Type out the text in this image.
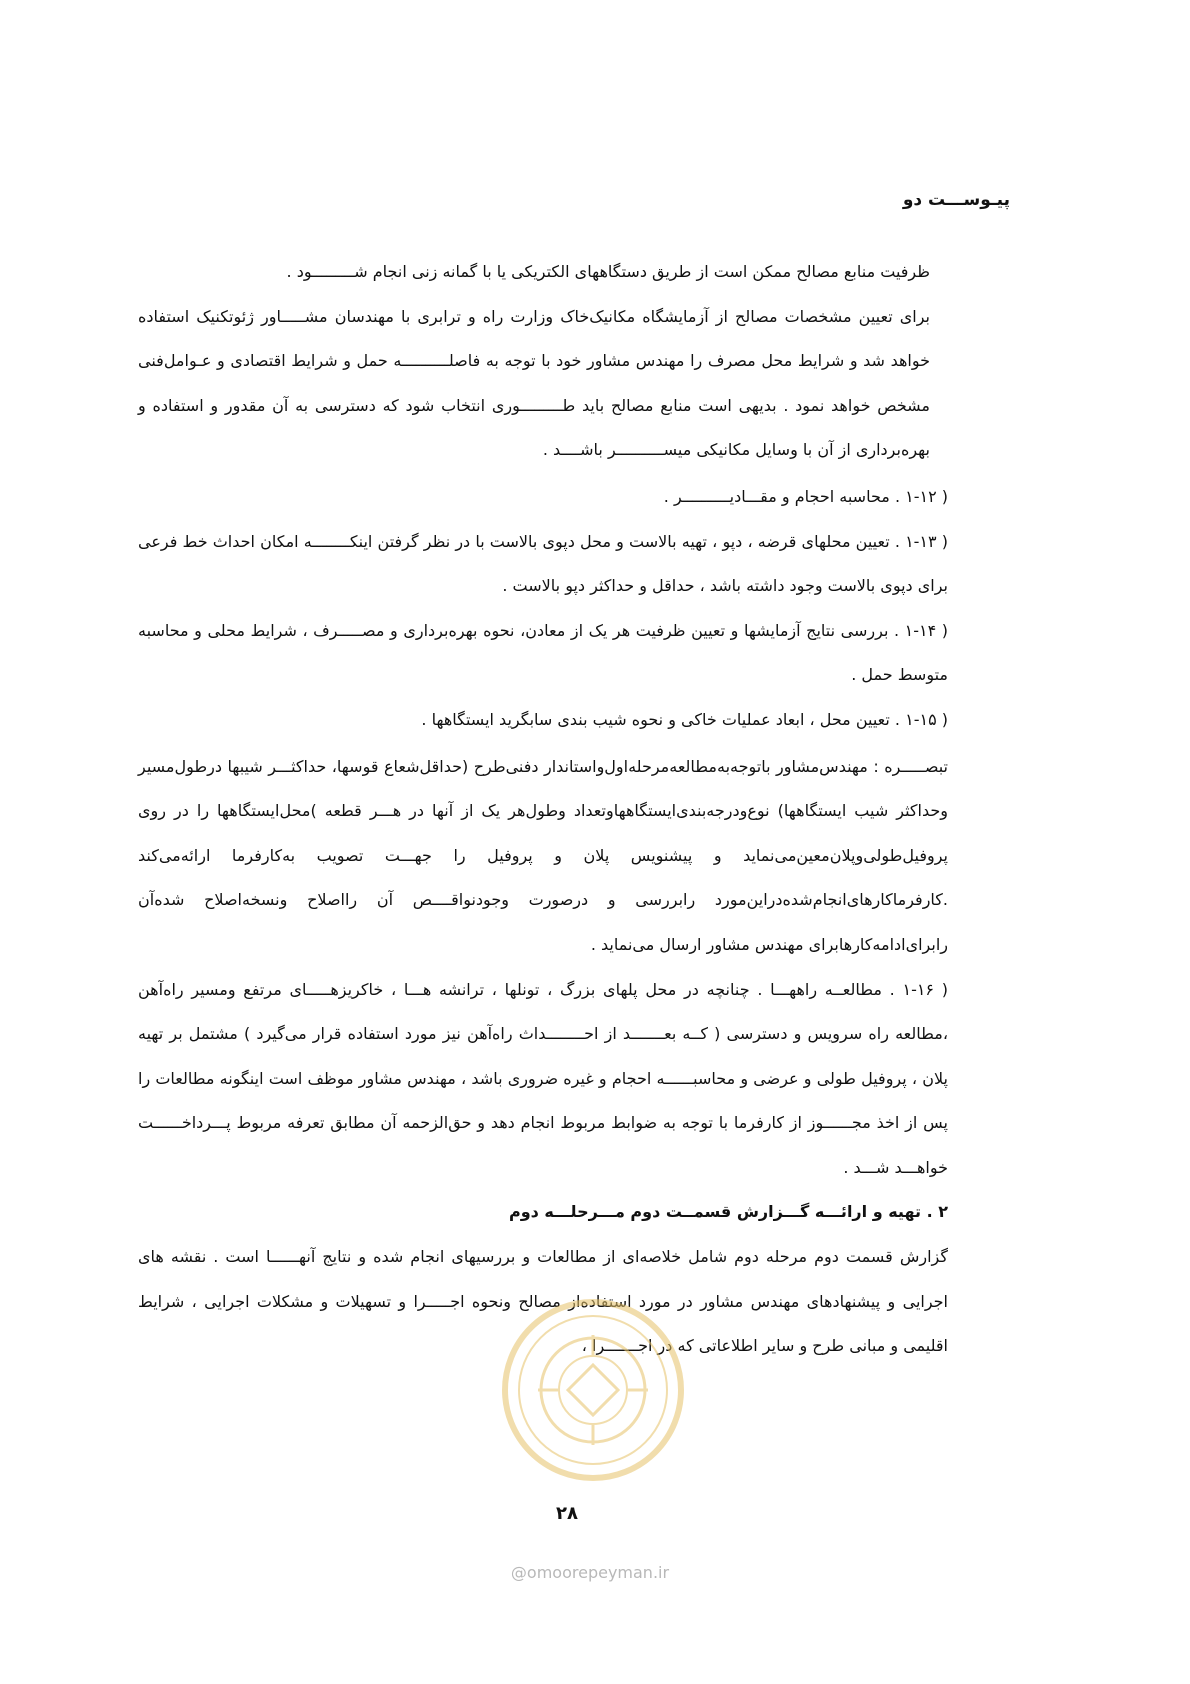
پیـوســـت دو

ظرفیت منابع مصالح ممکن است از طریق دستگاههای الکتریکی یا با گمانه زنی انجام شـــــــــود .

برای تعیین مشخصات مصالح از آزمایشگاه مکانیک‌خاک وزارت راه و ترابری با مهندسان مشـــــاور ژئوتکنیک استفاده خواهد شد و شرایط محل مصرف را مهندس مشاور خود با توجه به فاصلــــــــــه حمل و شرایط اقتصادی و عـوامل‌فنی مشخص خواهد نمود . بدیهی است منابع مصالح باید طـــــــــوری انتخاب شود که دسترسی به آن مقدور و استفاده و بهره‌برداری از آن با وسایل مکانیکی میســــــــــر باشــــد .

( ۱-۱۲ . محاسبه احجام و مقـــادیــــــــــر .

( ۱-۱۳ . تعیین محلهای قرضه ، دپو ، تهیه بالاست و محل دپوی بالاست با در نظر گرفتن اینکــــــــه امکان احداث خط فرعی برای دپوی بالاست وجود داشته باشد ، حداقل و حداکثر دپو بالاست .

( ۱-۱۴ . بررسی نتایج آزمایشها و تعیین ظرفیت هر یک از معادن، نحوه بهره‌برداری و مصـــــرف ، شرایط محلی و محاسبه متوسط حمل .

( ۱-۱۵ . تعیین محل ، ابعاد عملیات خاکی و نحوه شیب بندی سابگرید ایستگاهها .

تبصـــــره : مهندس‌مشاور باتوجه‌به‌مطالعه‌مرحله‌اول‌واستاندار دفنی‌طرح (حداقل‌شعاع قوسها، حداکثـــر شیبها درطول‌مسیر وحداکثر شیب ایستگاهها) نوع‌ودرجه‌بندی‌ایستگاههاوتعداد وطول‌هر یک از آنها در هـــر قطعه )محل‌ایستگاهها را در روی پروفیل‌طولی‌وپلان‌معین‌می‌نماید و پیشنویس پلان و پروفیل را جهـــت تصویب به‌کارفرما ارائه‌می‌کند .کارفرماکارهای‌انجام‌شده‌دراین‌مورد رابررسی و درصورت وجودنواقــــص آن رااصلاح ونسخه‌اصلاح شده‌آن رابرای‌ادامه‌کارهابرای مهندس مشاور ارسال می‌نماید .

( ۱-۱۶ . مطالعــه راههـــا . چنانچه در محل پلهای بزرگ ، تونلها ، ترانشه هـــا ، خاکریزهـــــای مرتفع ومسیر راه‌آهن ،مطالعه راه سرویس و دسترسی ( کــه بعـــــــد از احــــــــداث راه‌آهن نیز مورد استفاده قرار می‌گیرد ) مشتمل بر تهیه پلان ، پروفیل طولی و عرضی و محاسبــــــه احجام و غیره ضروری باشد ، مهندس مشاور موظف است اینگونه مطالعات را پس از اخذ مجــــــوز از کارفرما با توجه به ضوابط مربوط انجام دهد و حق‌الزحمه آن مطابق تعرفه مربوط پـــرداخــــــت خواهـــد شـــد .

۲ . تهیه و ارائـــه گـــزارش قسمــت دوم مـــرحلـــه دوم

گزارش قسمت دوم مرحله دوم شامل خلاصه‌ای از مطالعات و بررسیهای انجام شده و نتایج آنهــــــا است . نقشه های اجرایی و پیشنهادهای مهندس مشاور در مورد استفاده‌از مصالح ونحوه اجـــــرا و تسهیلات و مشکلات اجرایی ، شرایط اقلیمی و مبانی طرح و سایر اطلاعاتی که در اجـــــــرا ،

۲۸
@omoorepeyman.ir
